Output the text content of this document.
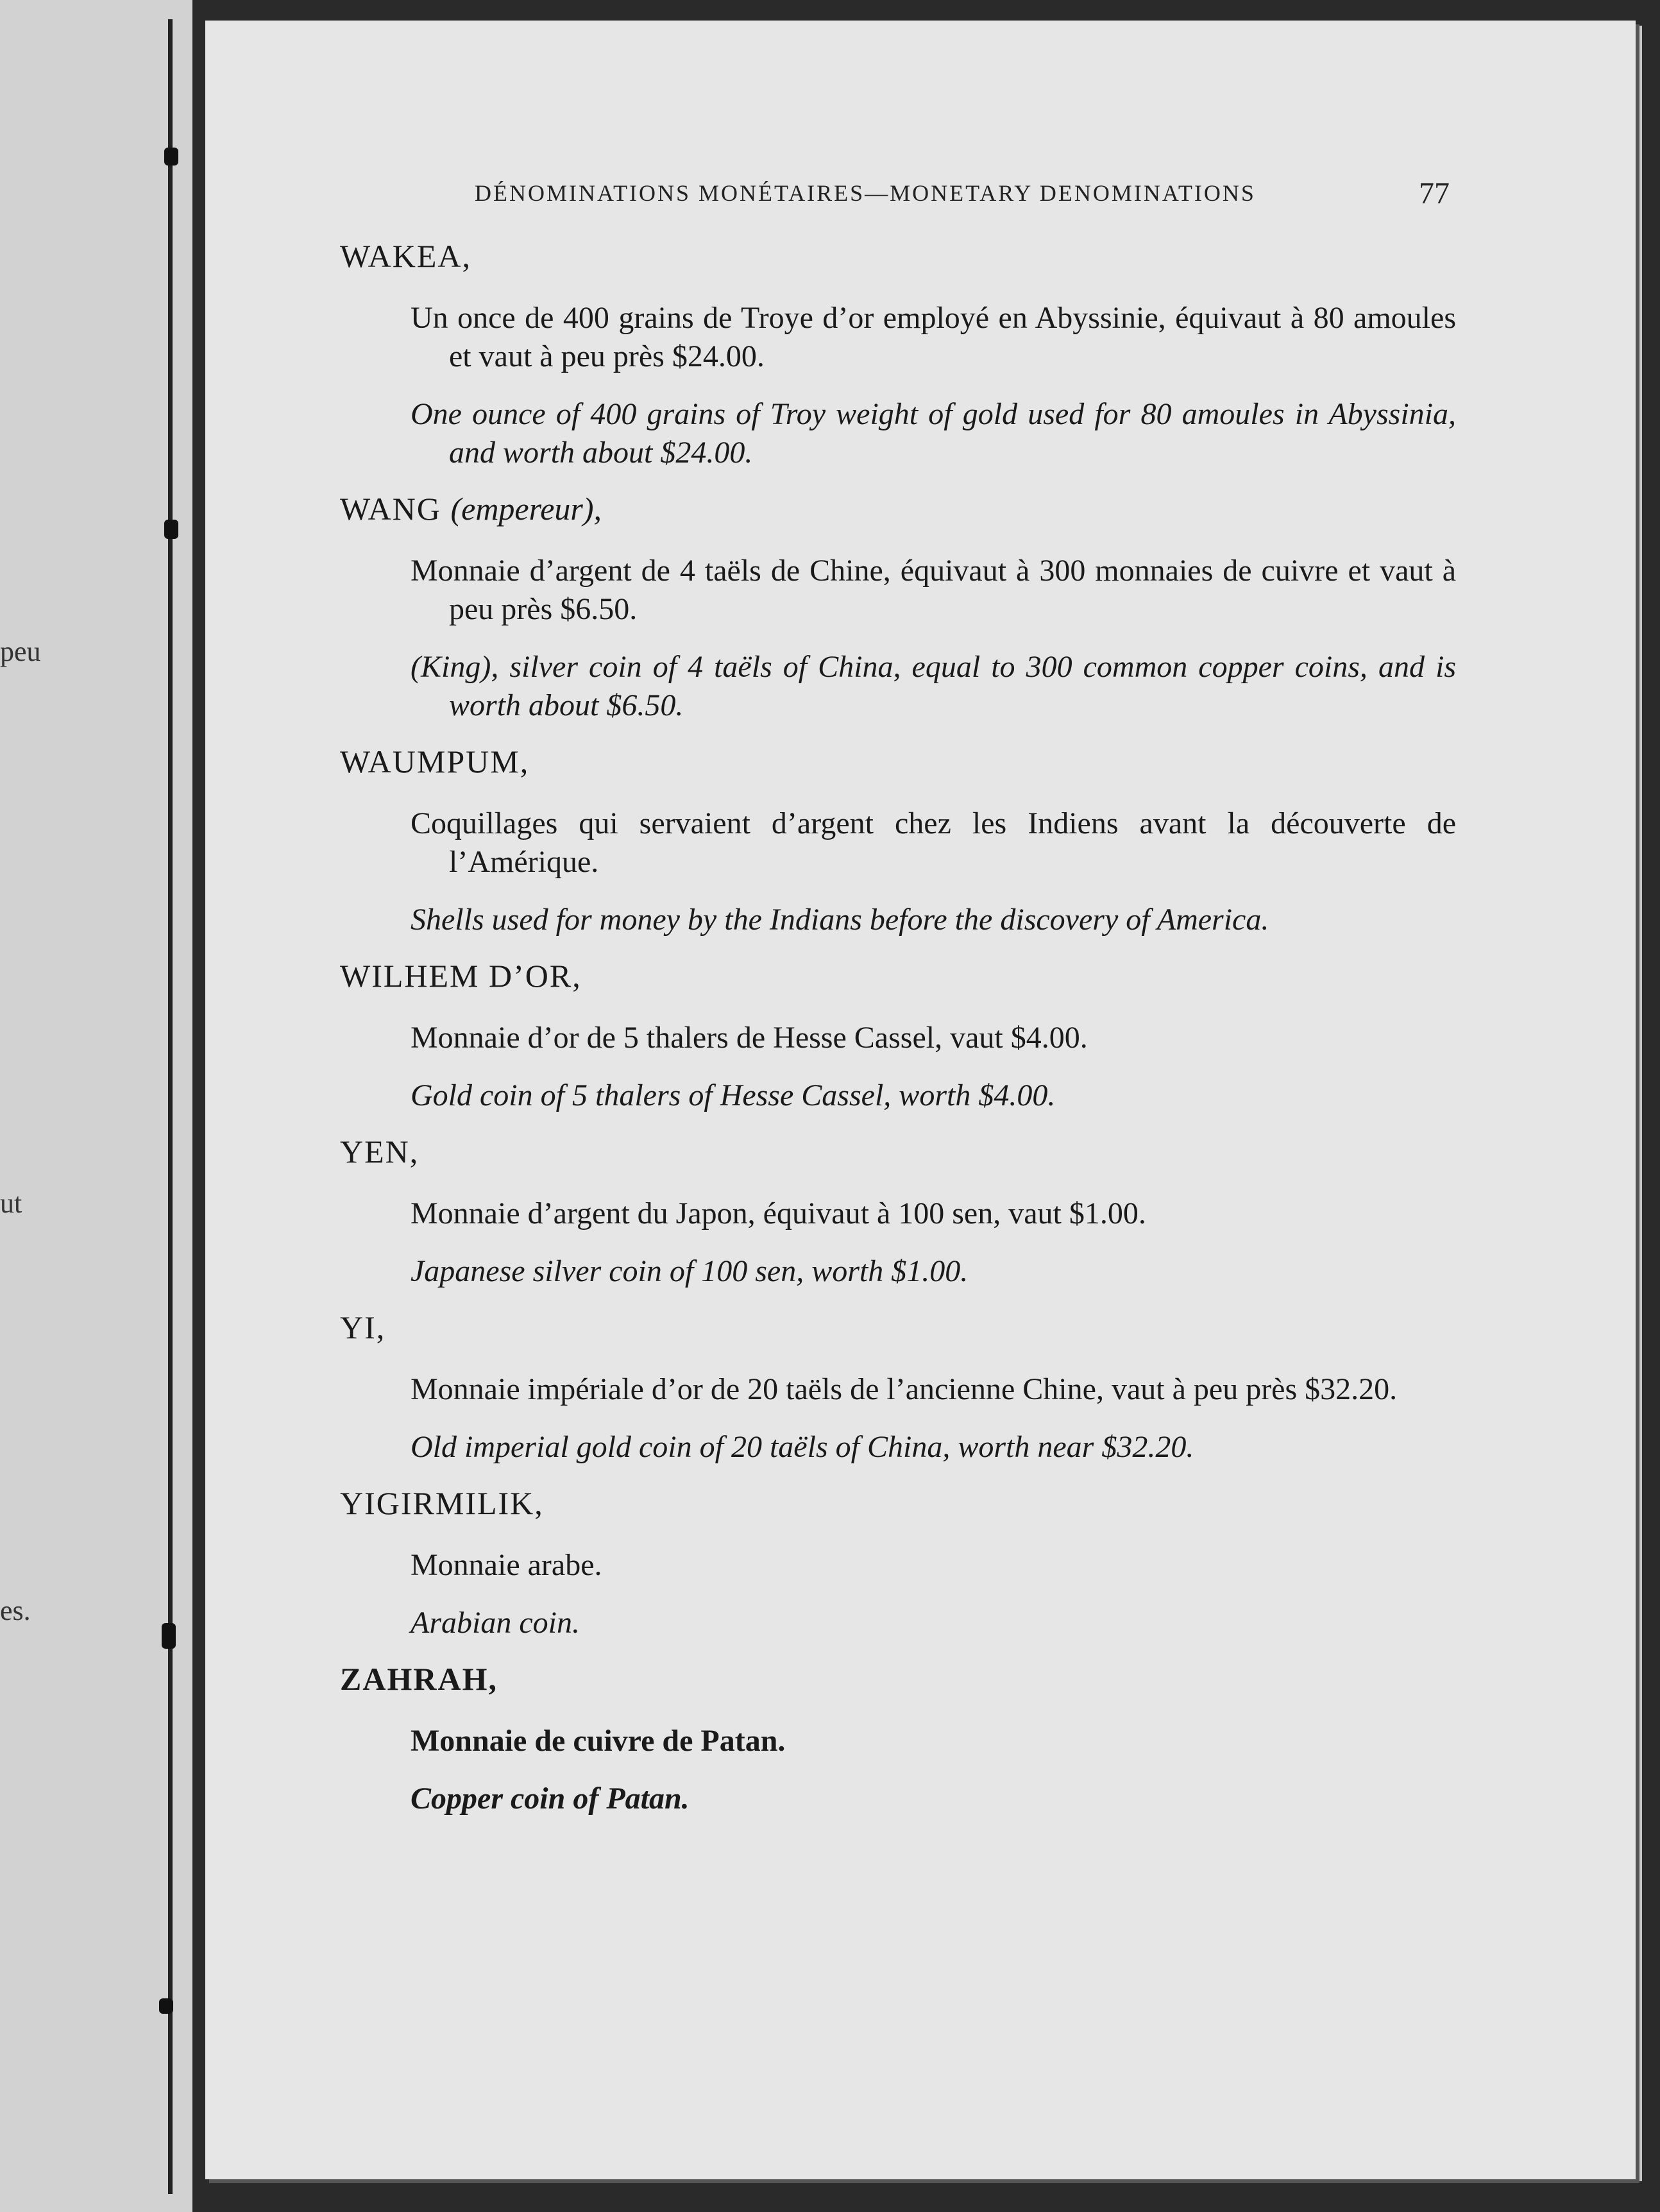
peu
ut
es.
DÉNOMINATIONS MONÉTAIRES—MONETARY DENOMINATIONS	77
WAKEA,
Un once de 400 grains de Troye d’or employé en Abyssinie, équivaut à 80 amoules et vaut à peu près $24.00.
One ounce of 400 grains of Troy weight of gold used for 80 amoules in Abyssinia, and worth about $24.00.
WANG (empereur),
Monnaie d’argent de 4 taëls de Chine, équivaut à 300 monnaies de cuivre et vaut à peu près $6.50.
(King), silver coin of 4 taëls of China, equal to 300 common copper coins, and is worth about $6.50.
WAUMPUM,
Coquillages qui servaient d’argent chez les Indiens avant la découverte de l’Amérique.
Shells used for money by the Indians before the discovery of America.
WILHEM D’OR,
Monnaie d’or de 5 thalers de Hesse Cassel, vaut $4.00.
Gold coin of 5 thalers of Hesse Cassel, worth $4.00.
YEN,
Monnaie d’argent du Japon, équivaut à 100 sen, vaut $1.00.
Japanese silver coin of 100 sen, worth $1.00.
YI,
Monnaie impériale d’or de 20 taëls de l’ancienne Chine, vaut à peu près $32.20.
Old imperial gold coin of 20 taëls of China, worth near $32.20.
YIGIRMILIK,
Monnaie arabe.
Arabian coin.
ZAHRAH,
Monnaie de cuivre de Patan.
Copper coin of Patan.
